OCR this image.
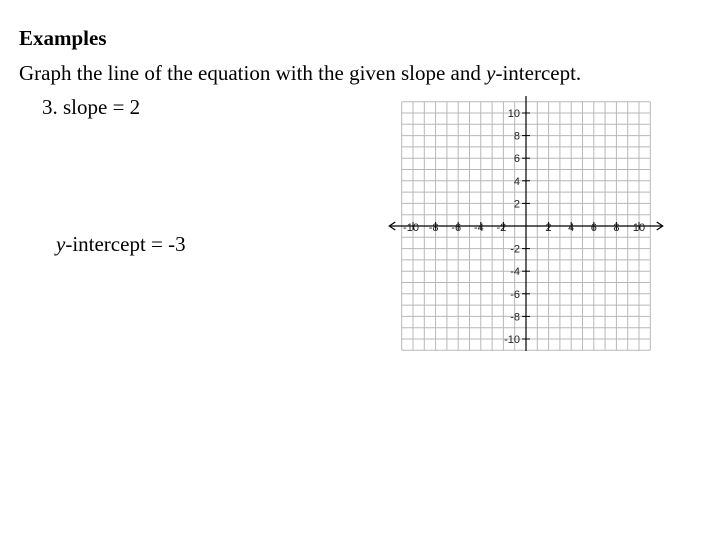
Examples
Graph the line of the equation with the given slope and y-intercept.
3. slope = 2
y-intercept = -3
-10 -8 -6 -4 -2	2 4 6 8 10
10
8
6
4
2
-2
-4
-6
-8
-10
